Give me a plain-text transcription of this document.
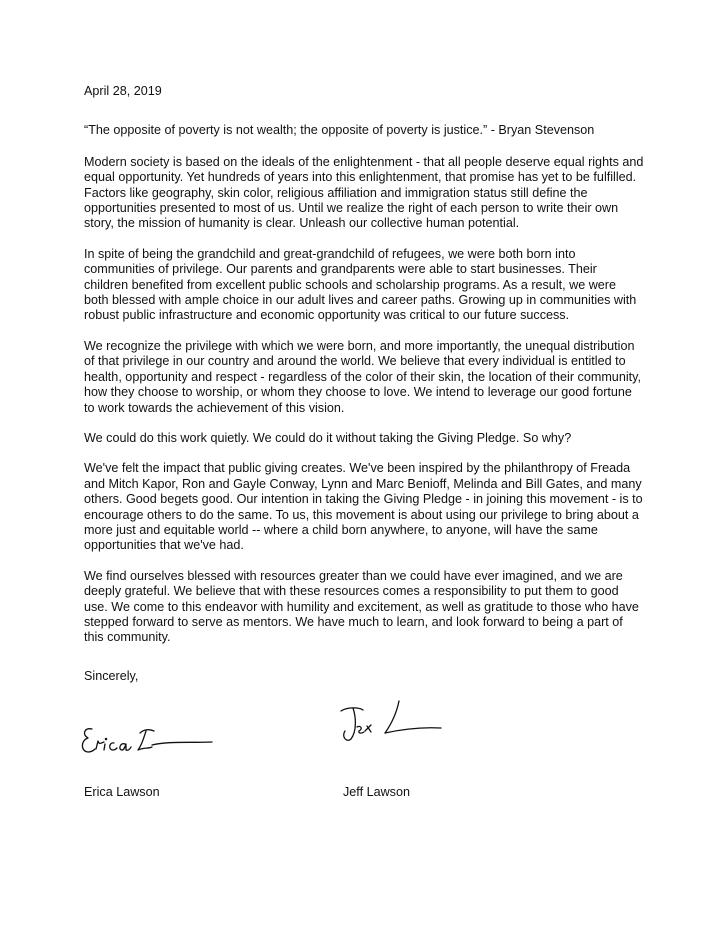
April 28, 2019

“The opposite of poverty is not wealth; the opposite of poverty is justice.” - Bryan Stevenson

Modern society is based on the ideals of the enlightenment - that all people deserve equal rights and equal opportunity. Yet hundreds of years into this enlightenment, that promise has yet to be fulfilled. Factors like geography, skin color, religious affiliation and immigration status still define the opportunities presented to most of us. Until we realize the right of each person to write their own story, the mission of humanity is clear. Unleash our collective human potential.

In spite of being the grandchild and great-grandchild of refugees, we were both born into communities of privilege. Our parents and grandparents were able to start businesses. Their children benefited from excellent public schools and scholarship programs. As a result, we were both blessed with ample choice in our adult lives and career paths. Growing up in communities with robust public infrastructure and economic opportunity was critical to our future success.

We recognize the privilege with which we were born, and more importantly, the unequal distribution of that privilege in our country and around the world. We believe that every individual is entitled to health, opportunity and respect - regardless of the color of their skin, the location of their community, how they choose to worship, or whom they choose to love. We intend to leverage our good fortune to work towards the achievement of this vision.

We could do this work quietly. We could do it without taking the Giving Pledge. So why?

We've felt the impact that public giving creates. We've been inspired by the philanthropy of Freada and Mitch Kapor, Ron and Gayle Conway, Lynn and Marc Benioff, Melinda and Bill Gates, and many others. Good begets good. Our intention in taking the Giving Pledge - in joining this movement - is to encourage others to do the same. To us, this movement is about using our privilege to bring about a more just and equitable world -- where a child born anywhere, to anyone, will have the same opportunities that we've had.

We find ourselves blessed with resources greater than we could have ever imagined, and we are deeply grateful. We believe that with these resources comes a responsibility to put them to good use. We come to this endeavor with humility and excitement, as well as gratitude to those who have stepped forward to serve as mentors. We have much to learn, and look forward to being a part of this community.

Sincerely,

Erica Lawson	Jeff Lawson
